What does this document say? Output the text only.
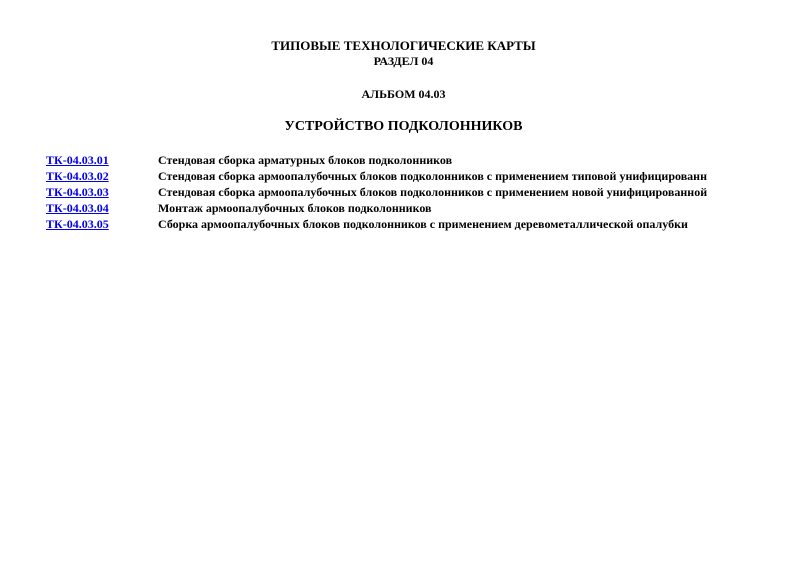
ТИПОВЫЕ ТЕХНОЛОГИЧЕСКИЕ КАРТЫ
РАЗДЕЛ 04
АЛЬБОМ 04.03
УСТРОЙСТВО ПОДКОЛОННИКОВ
ТК-04.03.01	Стендовая сборка арматурных блоков подколонников
ТК-04.03.02	Стендовая сборка армоопалубочных блоков подколонников с применением типовой унифицированн
ТК-04.03.03	Стендовая сборка армоопалубочных блоков подколонников с применением новой унифицированной
ТК-04.03.04	Монтаж армоопалубочных блоков подколонников
ТК-04.03.05	Сборка армоопалубочных блоков подколонников с применением деревометаллической опалубки
